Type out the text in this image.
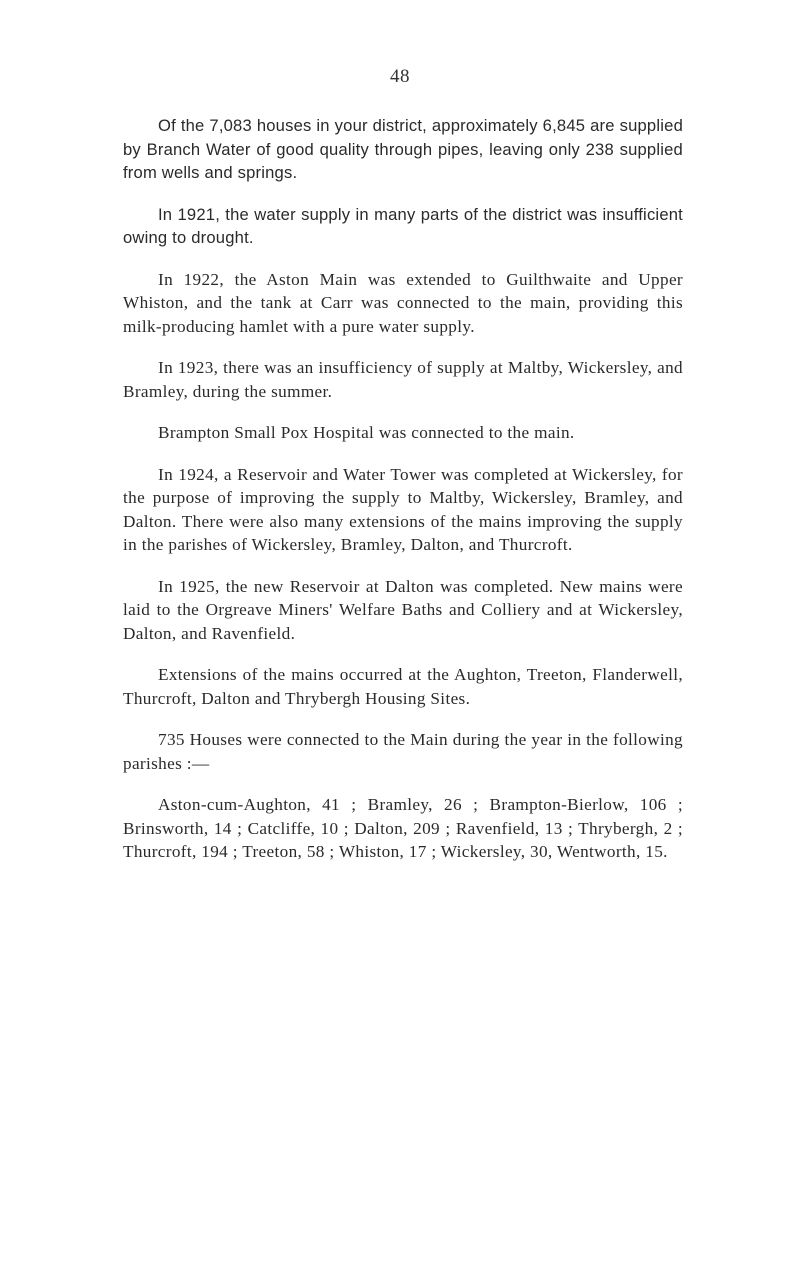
48

Of the 7,083 houses in your district, approximately 6,845 are supplied by Branch Water of good quality through pipes, leaving only 238 supplied from wells and springs.

In 1921, the water supply in many parts of the district was insufficient owing to drought.

In 1922, the Aston Main was extended to Guilthwaite and Upper Whiston, and the tank at Carr was connected to the main, providing this milk-producing hamlet with a pure water supply.

In 1923, there was an insufficiency of supply at Maltby, Wickersley, and Bramley, during the summer.

Brampton Small Pox Hospital was connected to the main.

In 1924, a Reservoir and Water Tower was completed at Wickersley, for the purpose of improving the supply to Maltby, Wickersley, Bramley, and Dalton. There were also many extensions of the mains improving the supply in the parishes of Wickersley, Bramley, Dalton, and Thurcroft.

In 1925, the new Reservoir at Dalton was completed. New mains were laid to the Orgreave Miners' Welfare Baths and Colliery and at Wickersley, Dalton, and Ravenfield.

Extensions of the mains occurred at the Aughton, Treeton, Flanderwell, Thurcroft, Dalton and Thrybergh Housing Sites.

735 Houses were connected to the Main during the year in the following parishes :—

Aston-cum-Aughton, 41 ; Bramley, 26 ; Brampton-Bierlow, 106 ; Brinsworth, 14 ; Catcliffe, 10 ; Dalton, 209 ; Ravenfield, 13 ; Thrybergh, 2 ; Thurcroft, 194 ; Treeton, 58 ; Whiston, 17 ; Wickersley, 30, Wentworth, 15.
